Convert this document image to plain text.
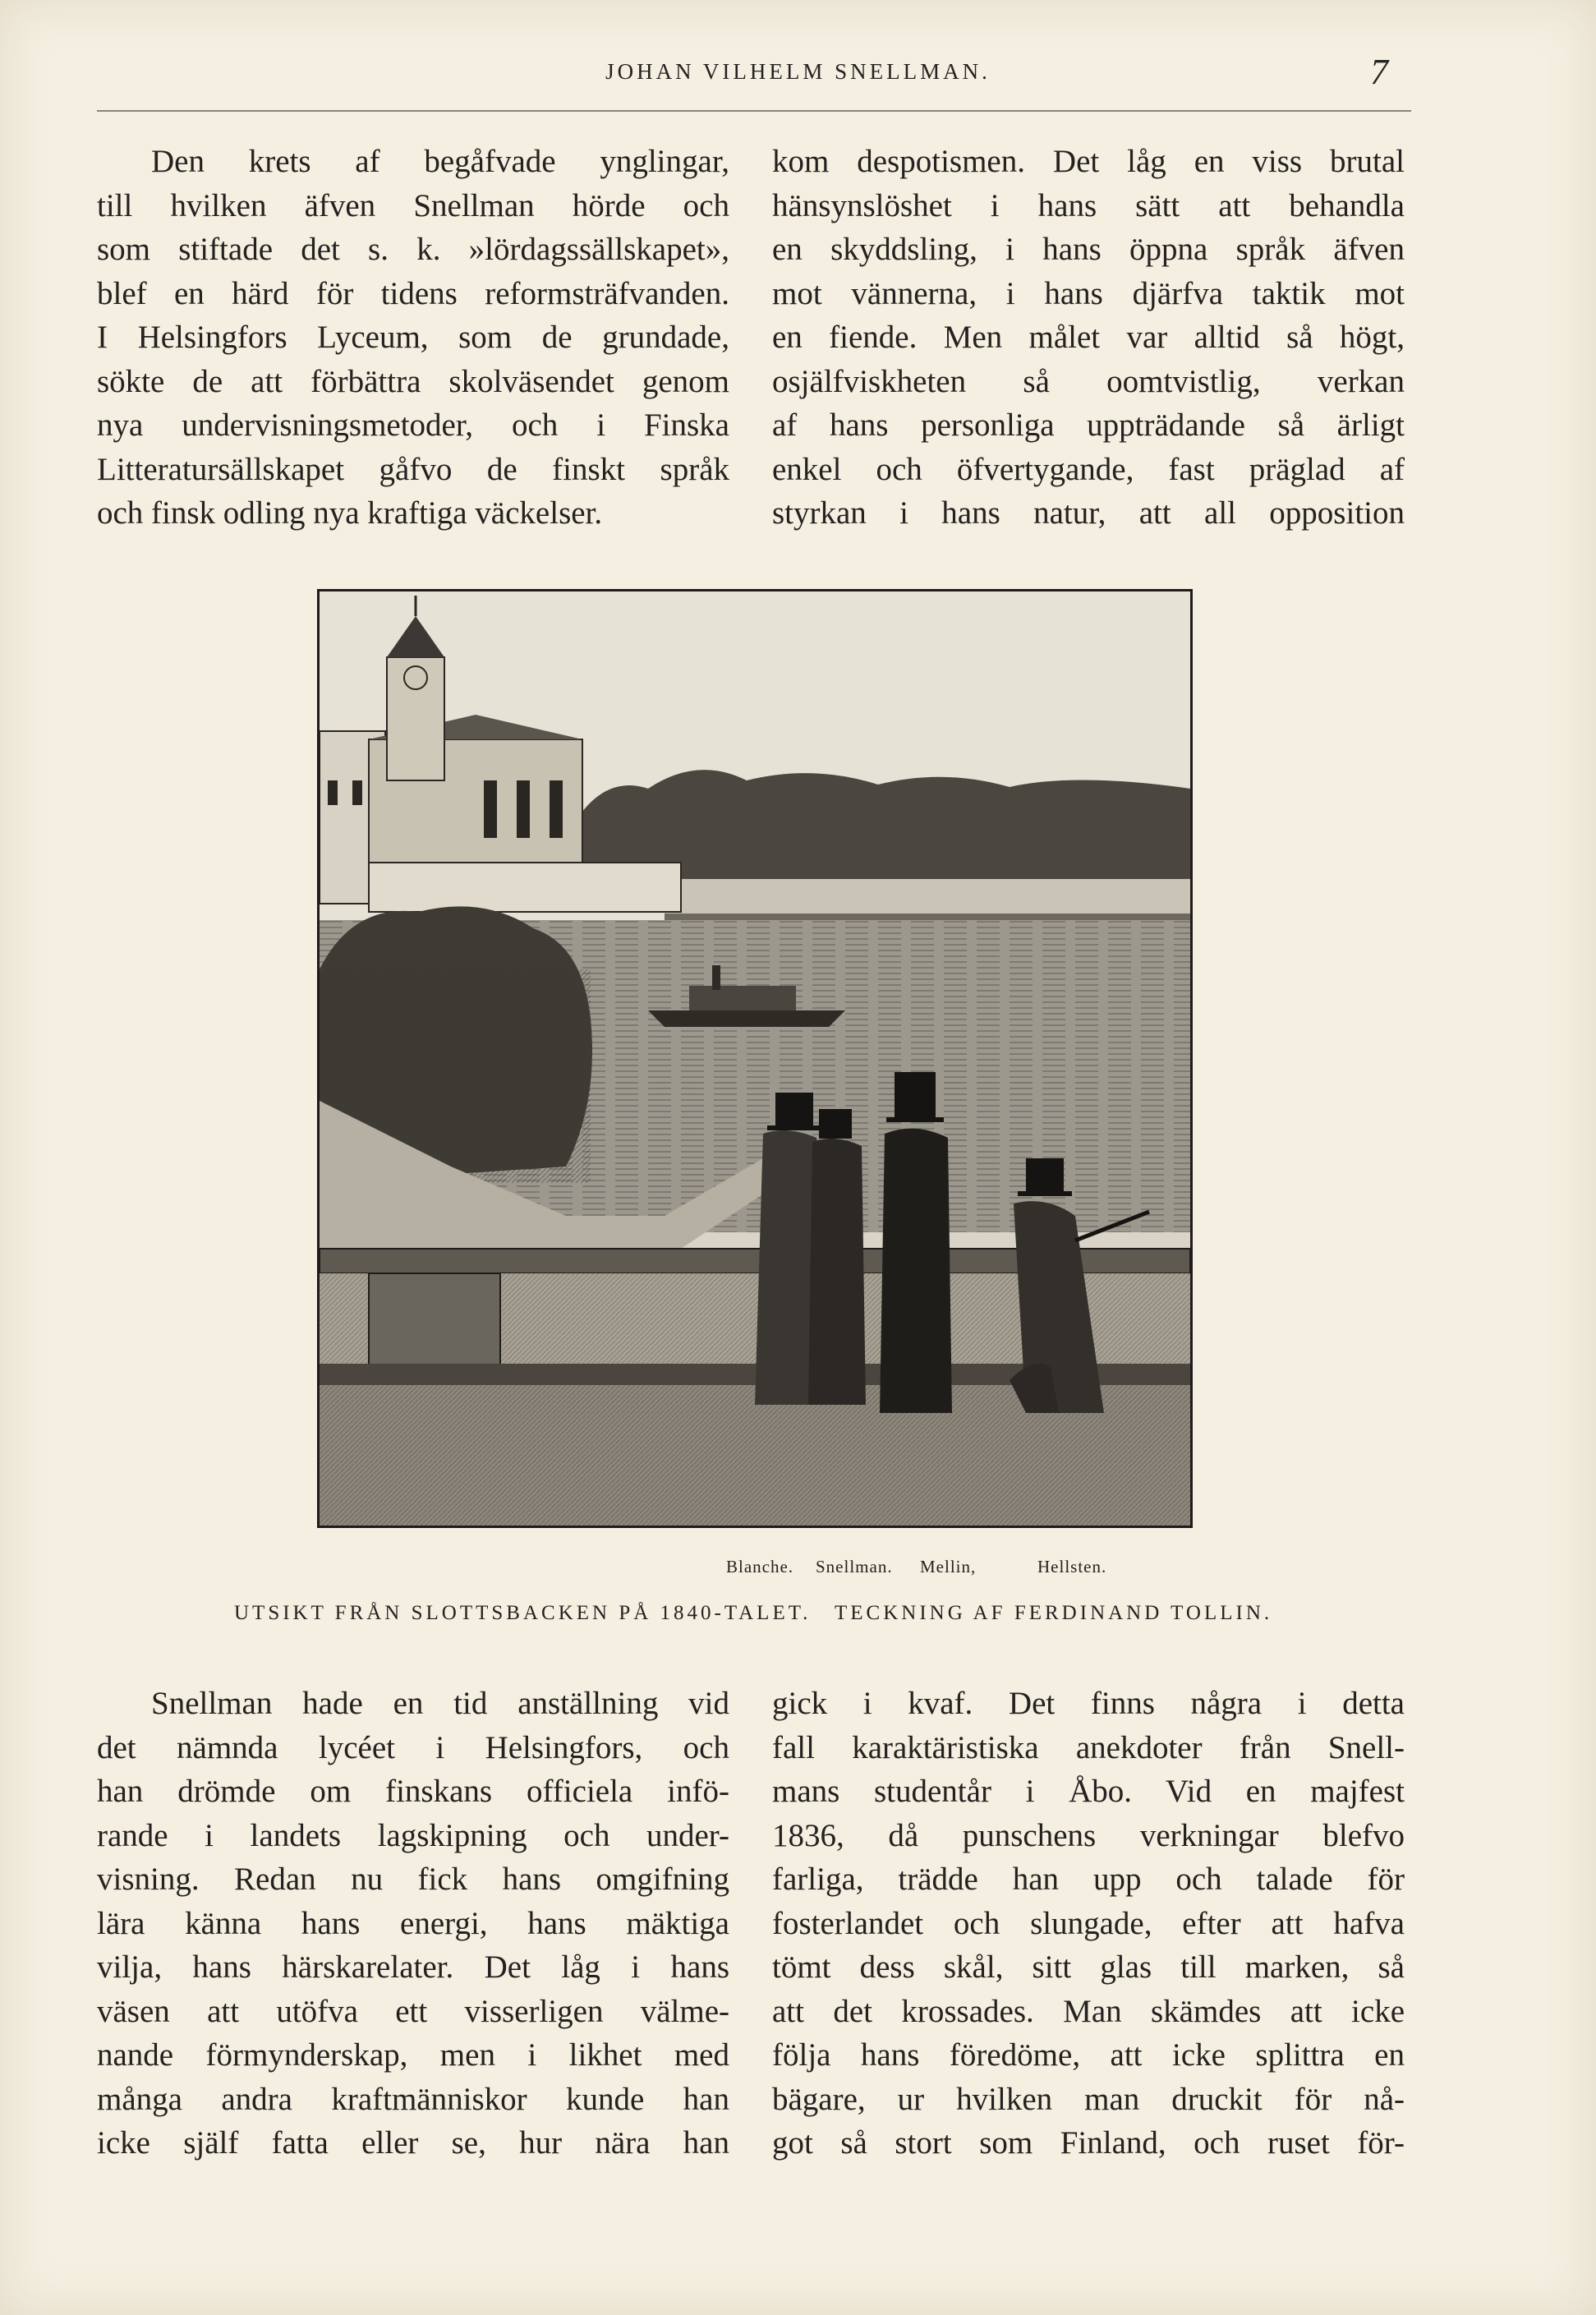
JOHAN VILHELM SNELLMAN.	7
Den krets af begåfvade ynglingar,
till hvilken äfven Snellman hörde och
som stiftade det s. k. »lördagssällskapet»,
blef en härd för tidens reformsträfvanden.
I Helsingfors Lyceum, som de grundade,
sökte de att förbättra skolväsendet genom
nya undervisningsmetoder, och i Finska
Litteratursällskapet gåfvo de finskt språk
och finsk odling nya kraftiga väckelser.
kom despotismen. Det låg en viss brutal
hänsynslöshet i hans sätt att behandla
en skyddsling, i hans öppna språk äfven
mot vännerna, i hans djärfva taktik mot
en fiende. Men målet var alltid så högt,
osjälfviskheten så oomtvistlig, verkan
af hans personliga uppträdande så ärligt
enkel och öfvertygande, fast präglad af
styrkan i hans natur, att all opposition
Blanche. Snellman. Mellin,	Hellsten.
UTSIKT FRÅN SLOTTSBACKEN PÅ 1840-TALET. TECKNING AF FERDINAND TOLLIN.
Snellman hade en tid anställning vid
det nämnda lycéet i Helsingfors, och
han drömde om finskans officiela infö-
rande i landets lagskipning och under-
visning. Redan nu fick hans omgifning
lära känna hans energi, hans mäktiga
vilja, hans härskarelater. Det låg i hans
väsen att utöfva ett visserligen välme-
nande förmynderskap, men i likhet med
många andra kraftmänniskor kunde han
icke själf fatta eller se, hur nära han
gick i kvaf. Det finns några i detta
fall karaktäristiska anekdoter från Snell-
mans studentår i Åbo. Vid en majfest
1836, då punschens verkningar blefvo
farliga, trädde han upp och talade för
fosterlandet och slungade, efter att hafva
tömt dess skål, sitt glas till marken, så
att det krossades. Man skämdes att icke
följa hans föredöme, att icke splittra en
bägare, ur hvilken man druckit för nå-
got så stort som Finland, och ruset för-
